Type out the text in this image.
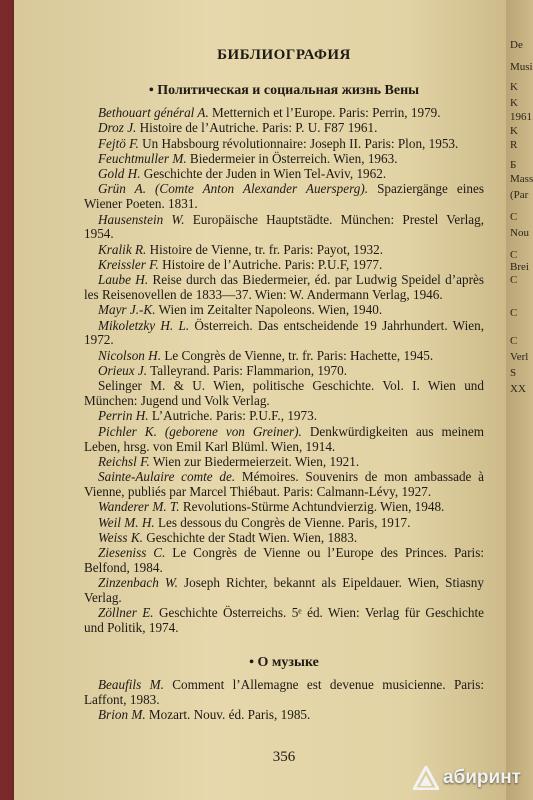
БИБЛИОГРАФИЯ
• Политическая и социальная жизнь Вены

Bethouart général A. Metternich et l’Europe. Paris: Perrin, 1979.

Droz J. Histoire de l’Autriche. Paris: P. U. F87 1961.

Fejtö F. Un Habsbourg révolutionnaire: Joseph II. Paris: Plon, 1953.

Feuchtmuller M. Biedermeier in Österreich. Wien, 1963.

Gold H. Geschichte der Juden in Wien Tel-Aviv, 1962.

Grün A. (Comte Anton Alexander Auersperg). Spaziergänge eines Wiener Poeten. 1831.

Hausenstein W. Europäische Hauptstädte. München: Prestel Verlag, 1954.

Kralik R. Histoire de Vienne, tr. fr. Paris: Payot, 1932.

Kreissler F. Histoire de l’Autriche. Paris: P.U.F, 1977.

Laube H. Reise durch das Biedermeier, éd. par Ludwig Speidel d’après les Reisenovellen de 1833—37. Wien: W. Andermann Verlag, 1946.

Mayr J.-K. Wien im Zeitalter Napoleons. Wien, 1940.

Mikoletzky H. L. Österreich. Das entscheidende 19 Jahrhundert. Wien, 1972.

Nicolson H. Le Congrès de Vienne, tr. fr. Paris: Hachette, 1945.

Orieux J. Talleyrand. Paris: Flammarion, 1970.

Selinger M. & U. Wien, politische Geschichte. Vol. I. Wien und München: Jugend und Volk Verlag.

Perrin H. L’Autriche. Paris: P.U.F., 1973.

Pichler K. (geborene von Greiner). Denkwürdigkeiten aus meinem Leben, hrsg. von Emil Karl Blüml. Wien, 1914.

Reichsl F. Wien zur Biedermeierzeit. Wien, 1921.

Sainte-Aulaire comte de. Mémoires. Souvenirs de mon ambassade à Vienne, publiés par Marcel Thiébaut. Paris: Calmann-Lévy, 1927.

Wanderer M. T. Revolutions-Stürme Achtundvierzig. Wien, 1948.

Weil M. H. Les dessous du Congrès de Vienne. Paris, 1917.

Weiss K. Geschichte der Stadt Wien. Wien, 1883.

Zieseniss C. Le Congrès de Vienne ou l’Europe des Princes. Paris: Belfond, 1984.

Zinzenbach W. Joseph Richter, bekannt als Eipeldauer. Wien, Stiasny Verlag.

Zöllner E. Geschichte Österreichs. 5ᵉ éd. Wien: Verlag für Geschichte und Politik, 1974.

• О музыке

Beaufils M. Comment l’Allemagne est devenue musicienne. Paris: Laffont, 1983.

Brion M. Mozart. Nouv. éd. Paris, 1985.

356
De
Musi
K
K
1961
K
R
Б
Mass
(Par
C
Nou
C
Brei
C
C
C
Verl
S
XX
абиринт
